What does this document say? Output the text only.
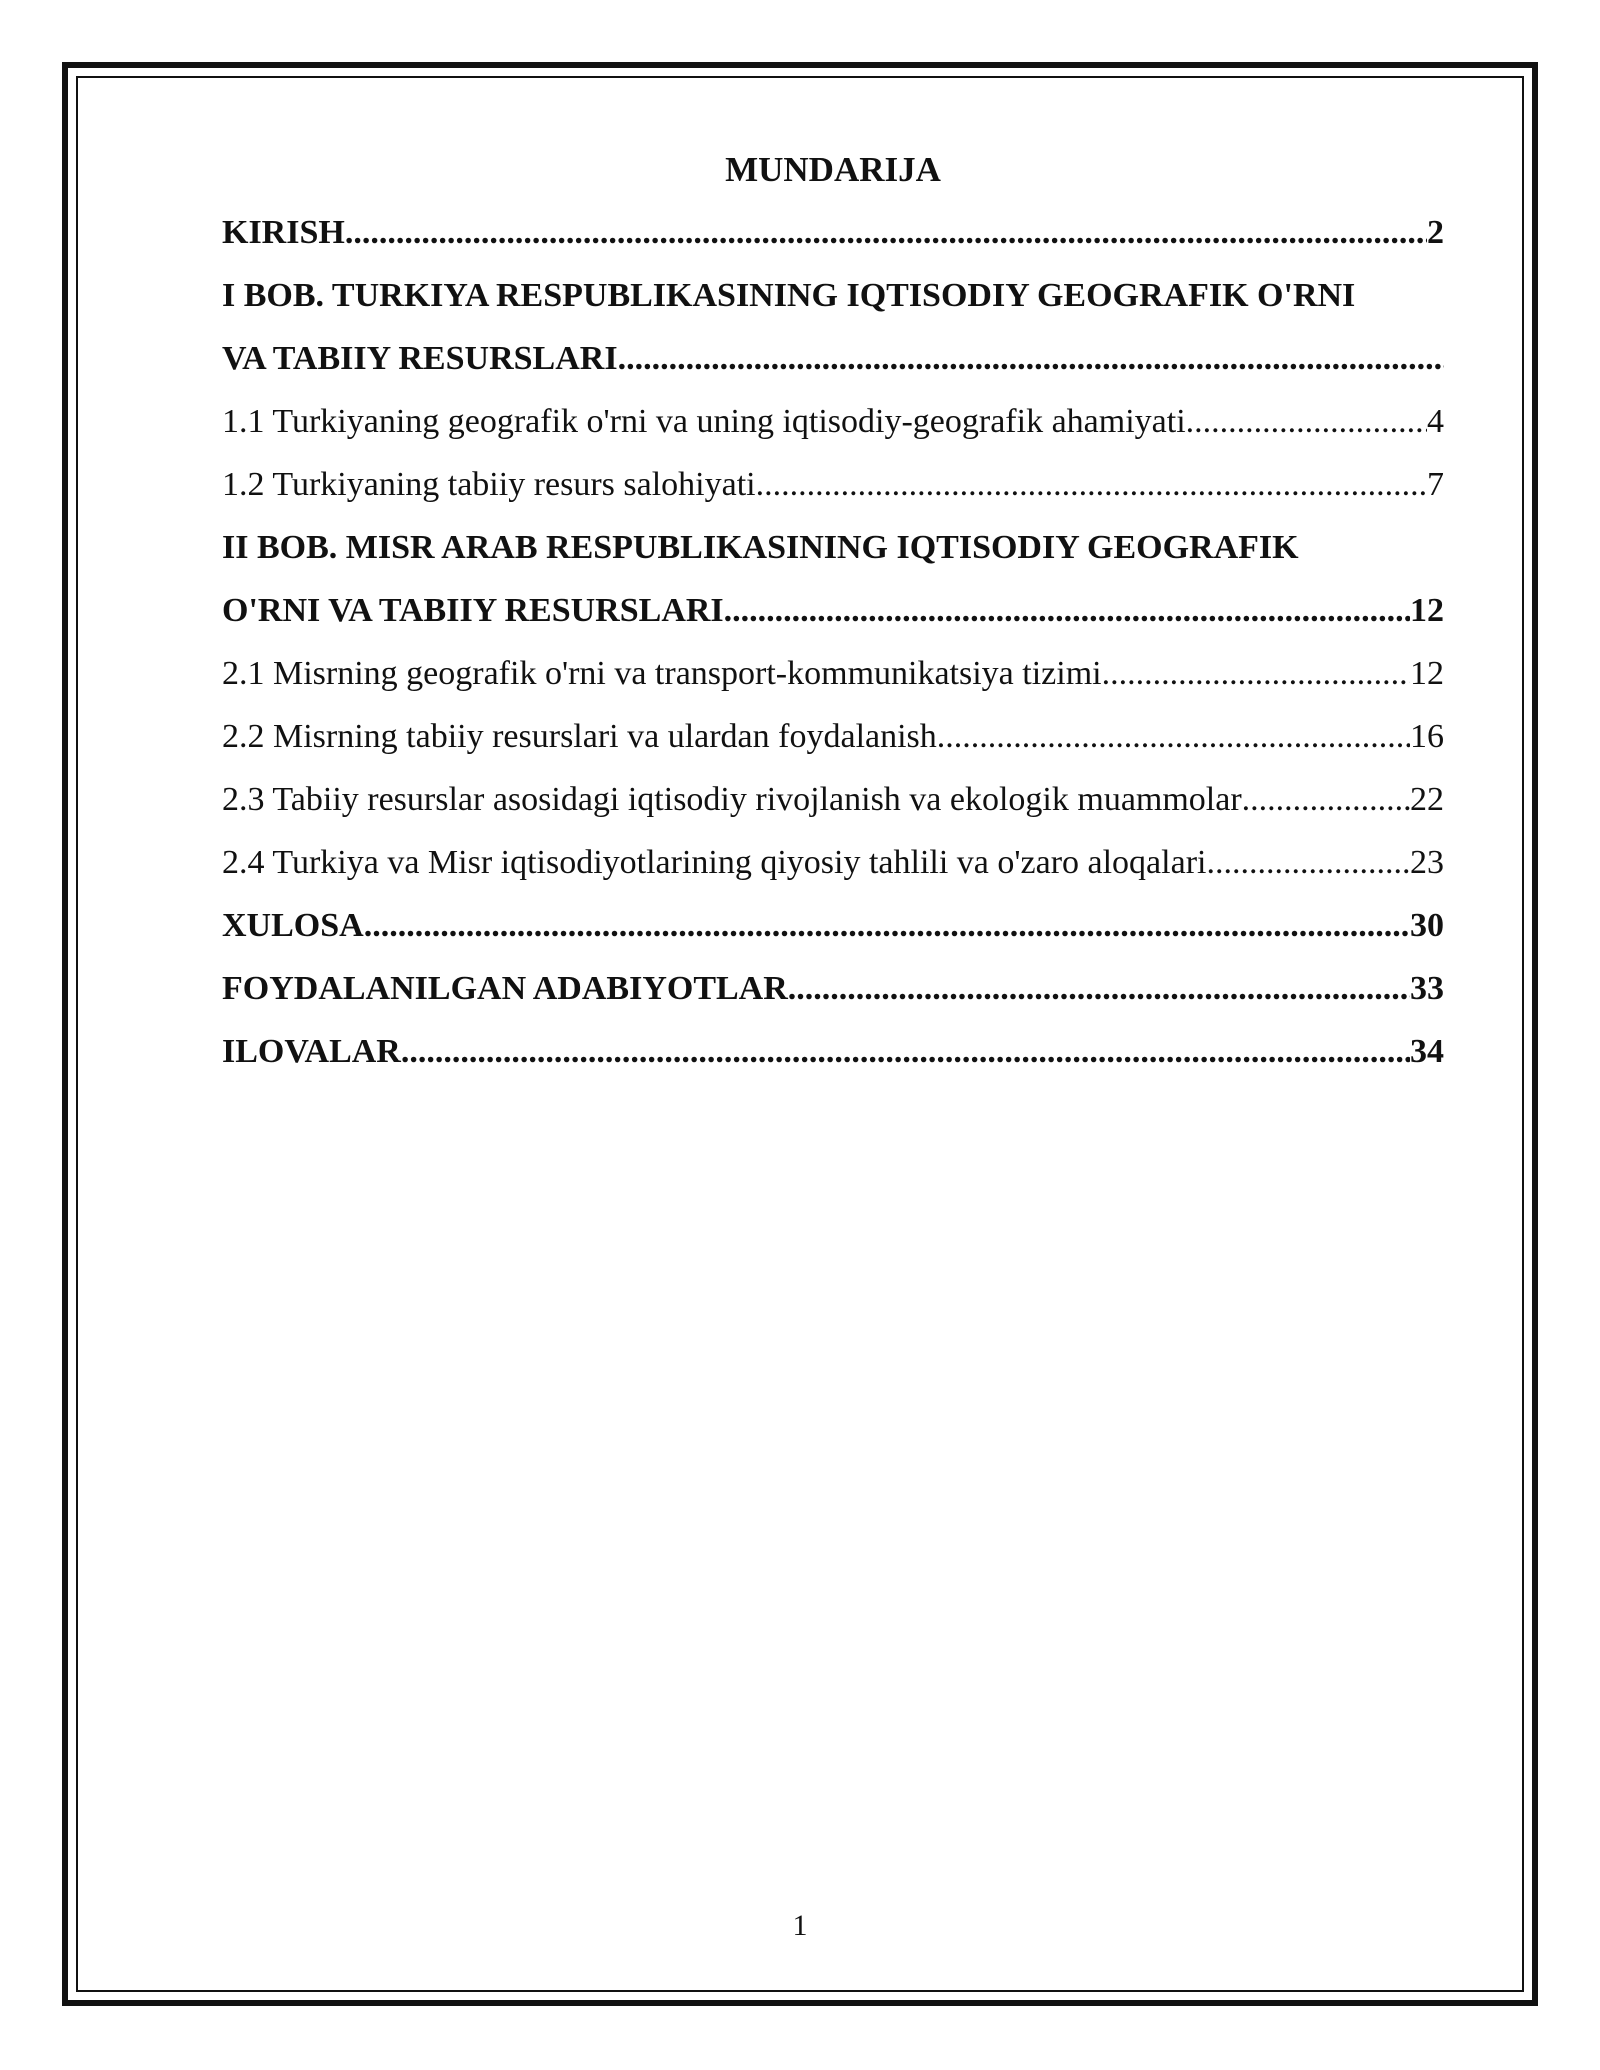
MUNDARIJA
KIRISH .....	2
I BOB. TURKIYA RESPUBLIKASINING IQTISODIY GEOGRAFIK O'RNI
VA TABIIY RESURSLARI
.....
1.1 Turkiyaning geografik o'rni va uning iqtisodiy-geografik ahamiyati .....	4
1.2 Turkiyaning tabiiy resurs salohiyati .....	7
II BOB. MISR ARAB RESPUBLIKASINING IQTISODIY GEOGRAFIK
O'RNI VA TABIIY RESURSLARI .....	12
2.1 Misrning geografik o'rni va transport-kommunikatsiya tizimi .....	12
2.2 Misrning tabiiy resurslari va ulardan foydalanish .....	16
2.3 Tabiiy resurslar asosidagi iqtisodiy rivojlanish va ekologik muammolar .....	22
2.4 Turkiya va Misr iqtisodiyotlarining qiyosiy tahlili va o'zaro aloqalari .....	23
XULOSA .....	30
FOYDALANILGAN ADABIYOTLAR .....	33
ILOVALAR .....	34
1
